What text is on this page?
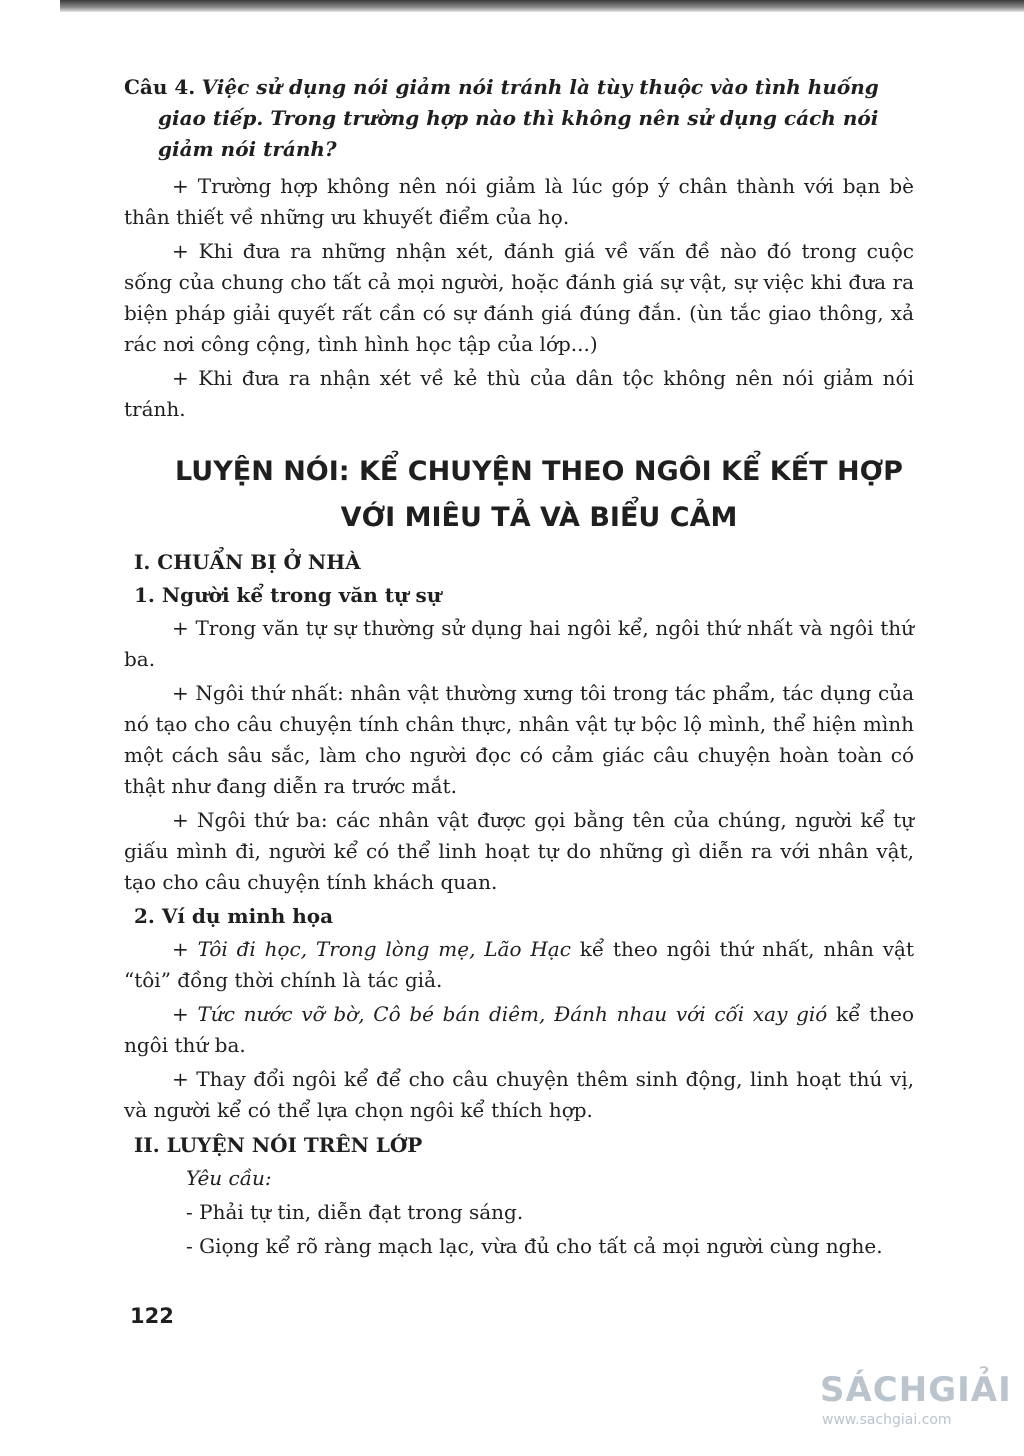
Câu 4. Việc sử dụng nói giảm nói tránh là tùy thuộc vào tình huống giao tiếp. Trong trường hợp nào thì không nên sử dụng cách nói giảm nói tránh?

+ Trường hợp không nên nói giảm là lúc góp ý chân thành với bạn bè thân thiết về những ưu khuyết điểm của họ.

+ Khi đưa ra những nhận xét, đánh giá về vấn đề nào đó trong cuộc sống của chung cho tất cả mọi người, hoặc đánh giá sự vật, sự việc khi đưa ra biện pháp giải quyết rất cần có sự đánh giá đúng đắn. (ùn tắc giao thông, xả rác nơi công cộng, tình hình học tập của lớp...)

+ Khi đưa ra nhận xét về kẻ thù của dân tộc không nên nói giảm nói tránh.

LUYỆN NÓI: KỂ CHUYỆN THEO NGÔI KỂ KẾT HỢP
VỚI MIÊU TẢ VÀ BIỂU CẢM
I. CHUẨN BỊ Ở NHÀ
1. Người kể trong văn tự sự

+ Trong văn tự sự thường sử dụng hai ngôi kể, ngôi thứ nhất và ngôi thứ ba.

+ Ngôi thứ nhất: nhân vật thường xưng tôi trong tác phẩm, tác dụng của nó tạo cho câu chuyện tính chân thực, nhân vật tự bộc lộ mình, thể hiện mình một cách sâu sắc, làm cho người đọc có cảm giác câu chuyện hoàn toàn có thật như đang diễn ra trước mắt.

+ Ngôi thứ ba: các nhân vật được gọi bằng tên của chúng, người kể tự giấu mình đi, người kể có thể linh hoạt tự do những gì diễn ra với nhân vật, tạo cho câu chuyện tính khách quan.

2. Ví dụ minh họa

+ Tôi đi học, Trong lòng mẹ, Lão Hạc kể theo ngôi thứ nhất, nhân vật “tôi” đồng thời chính là tác giả.

+ Tức nước vỡ bờ, Cô bé bán diêm, Đánh nhau với cối xay gió kể theo ngôi thứ ba.

+ Thay đổi ngôi kể để cho câu chuyện thêm sinh động, linh hoạt thú vị, và người kể có thể lựa chọn ngôi kể thích hợp.

II. LUYỆN NÓI TRÊN LỚP

Yêu cầu:

- Phải tự tin, diễn đạt trong sáng.

- Giọng kể rõ ràng mạch lạc, vừa đủ cho tất cả mọi người cùng nghe.

122
SÁCHGIẢI
www.sachgiai.com
